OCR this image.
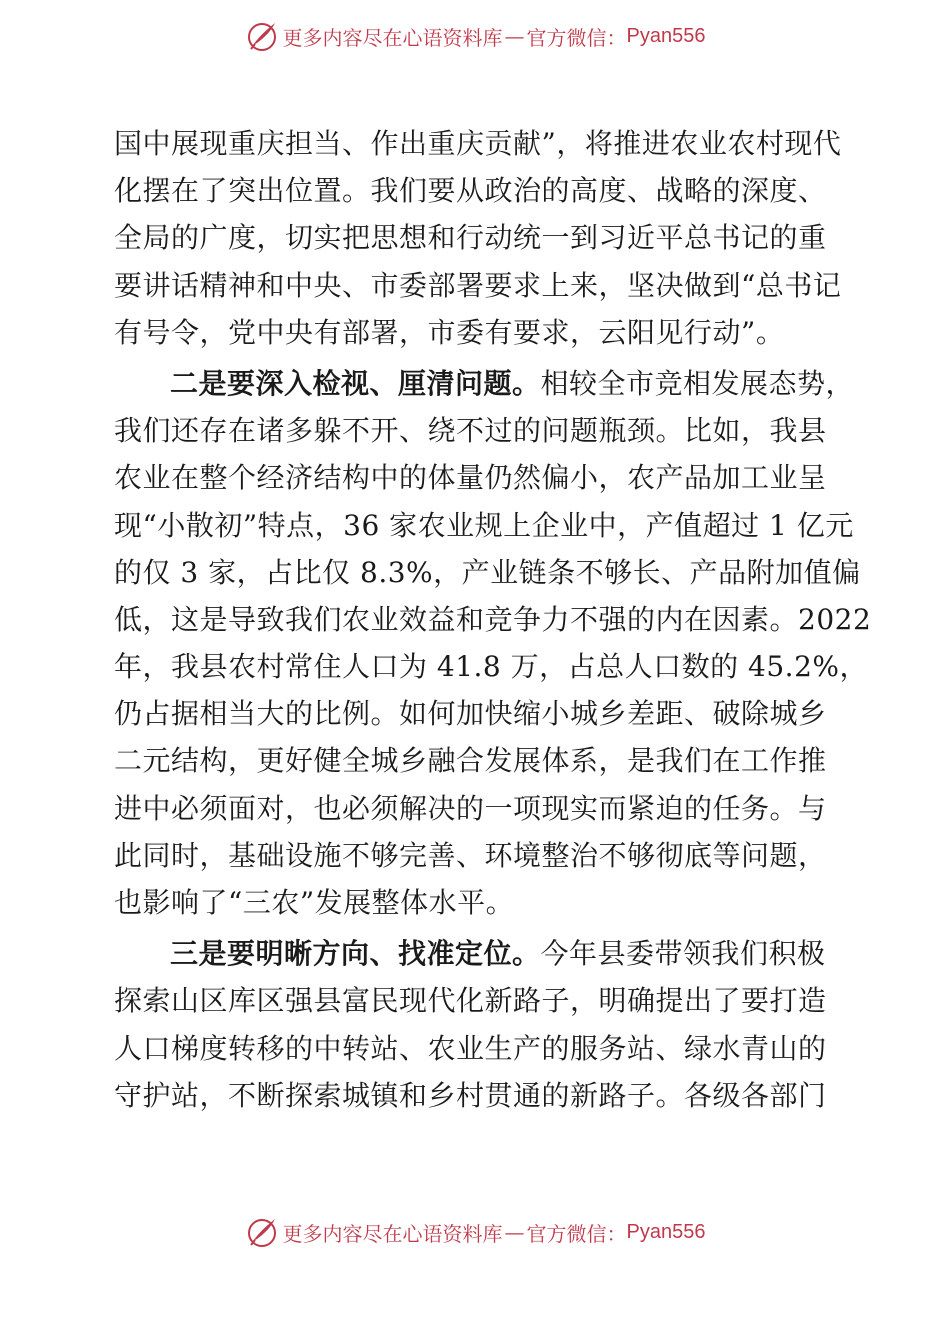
更多内容尽在心语资料库 — 官方微信： Pyan556
国中展现重庆担当、作出重庆贡献”，将推进农业农村现代
化摆在了突出位置。我们要从政治的高度、战略的深度、
全局的广度，切实把思想和行动统一到习近平总书记的重
要讲话精神和中央、市委部署要求上来，坚决做到“总书记
有号令，党中央有部署，市委有要求，云阳见行动”。
二是要深入检视、厘清问题。相较全市竞相发展态势，
我们还存在诸多躲不开、绕不过的问题瓶颈。比如，我县
农业在整个经济结构中的体量仍然偏小，农产品加工业呈
现“小散初”特点，36 家农业规上企业中，产值超过 1 亿元
的仅 3 家，占比仅 8.3%，产业链条不够长、产品附加值偏
低，这是导致我们农业效益和竞争力不强的内在因素。2022
年，我县农村常住人口为 41.8 万，占总人口数的 45.2%，
仍占据相当大的比例。如何加快缩小城乡差距、破除城乡
二元结构，更好健全城乡融合发展体系，是我们在工作推
进中必须面对，也必须解决的一项现实而紧迫的任务。与
此同时，基础设施不够完善、环境整治不够彻底等问题，
也影响了“三农”发展整体水平。
三是要明晰方向、找准定位。今年县委带领我们积极
探索山区库区强县富民现代化新路子，明确提出了要打造
人口梯度转移的中转站、农业生产的服务站、绿水青山的
守护站，不断探索城镇和乡村贯通的新路子。各级各部门
更多内容尽在心语资料库 — 官方微信： Pyan556
